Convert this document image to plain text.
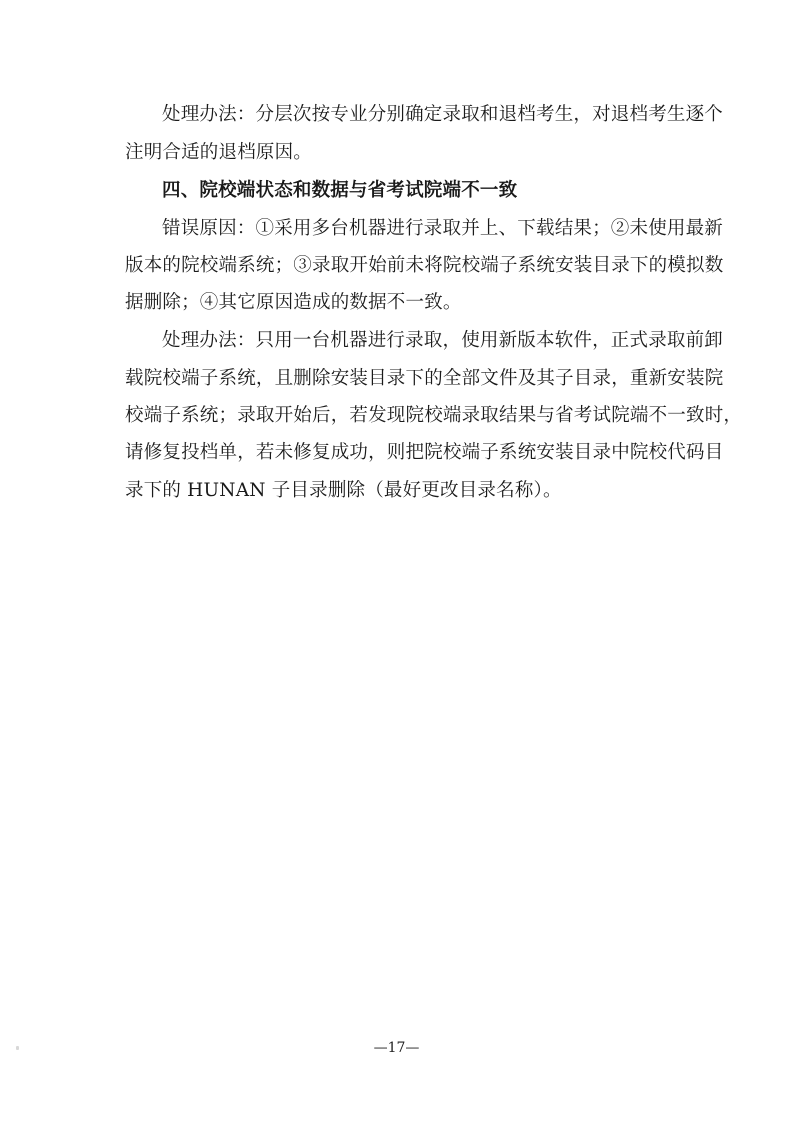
处理办法：分层次按专业分别确定录取和退档考生，对退档考生逐个
注明合适的退档原因。
四、院校端状态和数据与省考试院端不一致
错误原因：①采用多台机器进行录取并上、下载结果；②未使用最新
版本的院校端系统；③录取开始前未将院校端子系统安装目录下的模拟数
据删除；④其它原因造成的数据不一致。
处理办法：只用一台机器进行录取，使用新版本软件，正式录取前卸
载院校端子系统，且删除安装目录下的全部文件及其子目录，重新安装院
校端子系统；录取开始后，若发现院校端录取结果与省考试院端不一致时，
请修复投档单，若未修复成功，则把院校端子系统安装目录中院校代码目
录下的 HUNAN 子目录删除（最好更改目录名称）。
—17—
